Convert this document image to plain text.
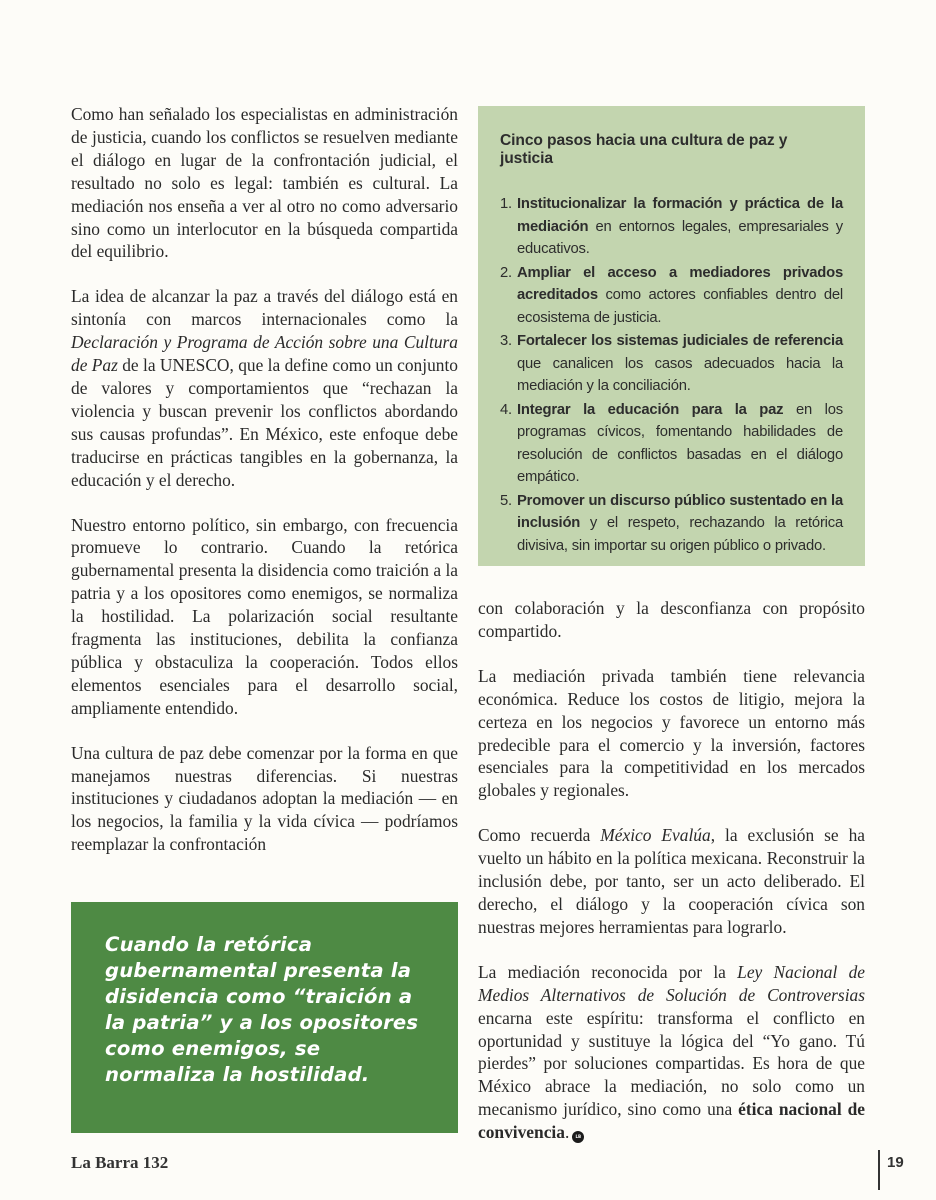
Como han señalado los especialistas en administración de justicia, cuando los conflictos se resuelven mediante el diálogo en lugar de la confrontación judicial, el resultado no solo es legal: también es cultural. La mediación nos enseña a ver al otro no como adversario sino como un interlocutor en la búsqueda compartida del equilibrio.

La idea de alcanzar la paz a través del diálogo está en sintonía con marcos internacionales como la Declaración y Programa de Acción sobre una Cultura de Paz de la UNESCO, que la define como un conjunto de valores y comportamientos que “rechazan la violencia y buscan prevenir los conflictos abordando sus causas profundas”. En México, este enfoque debe traducirse en prácticas tangibles en la gobernanza, la educación y el derecho.

Nuestro entorno político, sin embargo, con frecuencia promueve lo contrario. Cuando la retórica gubernamental presenta la disidencia como traición a la patria y a los opositores como enemigos, se normaliza la hostilidad. La polarización social resultante fragmenta las instituciones, debilita la confianza pública y obstaculiza la cooperación. Todos ellos elementos esenciales para el desarrollo social, ampliamente entendido.

Una cultura de paz debe comenzar por la forma en que manejamos nuestras diferencias. Si nuestras instituciones y ciudadanos adoptan la mediación — en los negocios, la familia y la vida cívica — podríamos reemplazar la confrontación

Cinco pasos hacia una cultura de paz y justicia
1. Institucionalizar la formación y práctica de la mediación en entornos legales, empresariales y educativos.
2. Ampliar el acceso a mediadores privados acreditados como actores confiables dentro del ecosistema de justicia.
3. Fortalecer los sistemas judiciales de referencia que canalicen los casos adecuados hacia la mediación y la conciliación.
4. Integrar la educación para la paz en los programas cívicos, fomentando habilidades de resolución de conflictos basadas en el diálogo empático.
5. Promover un discurso público sustentado en la inclusión y el respeto, rechazando la retórica divisiva, sin importar su origen público o privado.

con colaboración y la desconfianza con propósito compartido.

La mediación privada también tiene relevancia económica. Reduce los costos de litigio, mejora la certeza en los negocios y favorece un entorno más predecible para el comercio y la inversión, factores esenciales para la competitividad en los mercados globales y regionales.

Como recuerda México Evalúa, la exclusión se ha vuelto un hábito en la política mexicana. Reconstruir la inclusión debe, por tanto, ser un acto deliberado. El derecho, el diálogo y la cooperación cívica son nuestras mejores herramientas para lograrlo.

La mediación reconocida por la Ley Nacional de Medios Alternativos de Solución de Controversias encarna este espíritu: transforma el conflicto en oportunidad y sustituye la lógica del “Yo gano. Tú pierdes” por soluciones compartidas. Es hora de que México abrace la mediación, no solo como un mecanismo jurídico, sino como una ética nacional de convivencia. LB

Cuando la retórica gubernamental presenta la disidencia como “traición a la patria” y a los opositores como enemigos, se normaliza la hostilidad.
La Barra 132	19
